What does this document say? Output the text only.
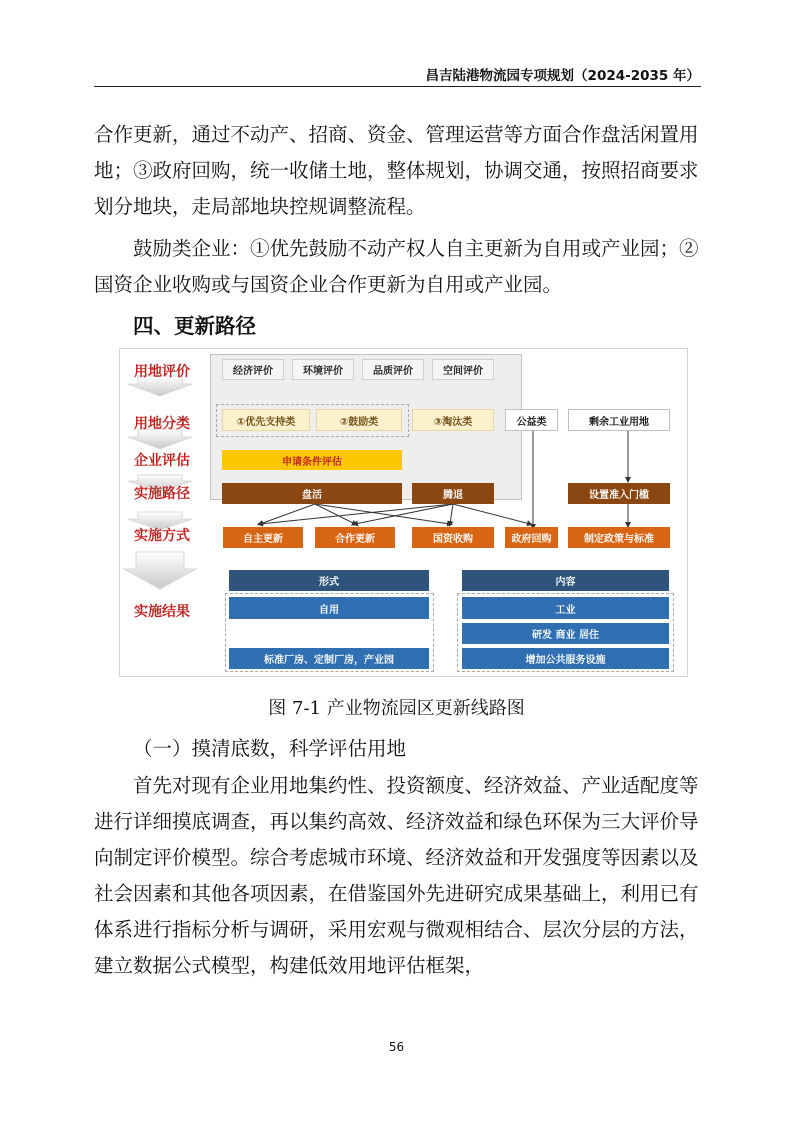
昌吉陆港物流园专项规划（2024-2035 年）

合作更新，通过不动产、招商、资金、管理运营等方面合作盘活闲置用地；③政府回购，统一收储土地，整体规划，协调交通，按照招商要求划分地块，走局部地块控规调整流程。

鼓励类企业：①优先鼓励不动产权人自主更新为自用或产业园；②国资企业收购或与国资企业合作更新为自用或产业园。

四、更新路径
用地评价
用地分类
企业评估
实施路径
实施方式
实施结果
经济评价	环境评价	品质评价	空间评价
①优先支持类	②鼓励类	③淘汰类	公益类	剩余工业用地
申请条件评估
盘活	腾退	设置准入门槛
自主更新	合作更新	国资收购	政府回购	制定政策与标准
形式	内容
自用
标准厂房、定制厂房，产业园
工业
研发 商业 居住
增加公共服务设施
图 7-1 产业物流园区更新线路图
（一）摸清底数，科学评估用地

首先对现有企业用地集约性、投资额度、经济效益、产业适配度等进行详细摸底调查，再以集约高效、经济效益和绿色环保为三大评价导向制定评价模型。综合考虑城市环境、经济效益和开发强度等因素以及社会因素和其他各项因素，在借鉴国外先进研究成果基础上，利用已有体系进行指标分析与调研，采用宏观与微观相结合、层次分层的方法，建立数据公式模型，构建低效用地评估框架，

56
